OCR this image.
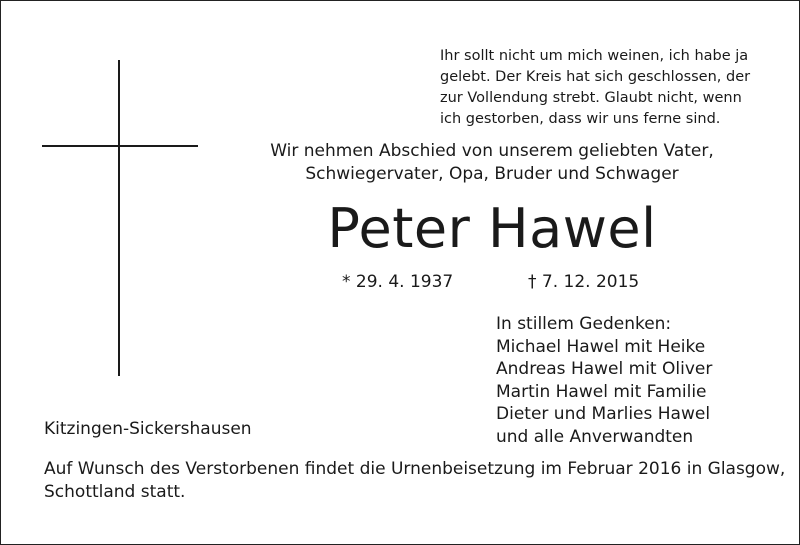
Ihr sollt nicht um mich weinen, ich habe ja
gelebt. Der Kreis hat sich geschlossen, der
zur Vollendung strebt. Glaubt nicht, wenn
ich gestorben, dass wir uns ferne sind.
Wir nehmen Abschied von unserem geliebten Vater,
Schwiegervater, Opa, Bruder und Schwager
Peter Hawel
* 29. 4. 1937	† 7. 12. 2015
In stillem Gedenken:
Michael Hawel mit Heike
Andreas Hawel mit Oliver
Martin Hawel mit Familie
Dieter und Marlies Hawel
und alle Anverwandten
Kitzingen-Sickershausen
Auf Wunsch des Verstorbenen findet die Urnenbeisetzung im Februar 2016 in Glasgow,
Schottland statt.
